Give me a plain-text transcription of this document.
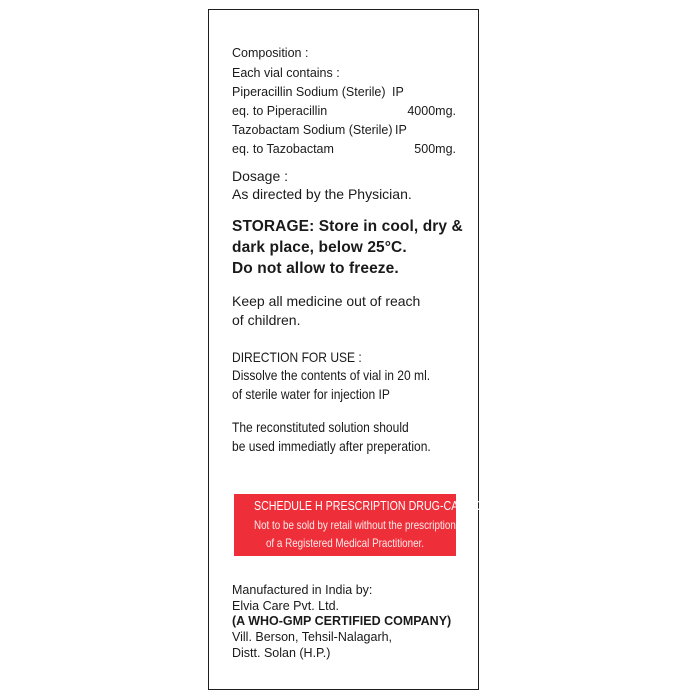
Composition :
Each vial contains :
Piperacillin Sodium (Sterile) IP
eq. to Piperacillin	4000mg.
Tazobactam Sodium (Sterile) IP
eq. to Tazobactam	500mg.
Dosage :
As directed by the Physician.
STORAGE: Store in cool, dry &
dark place, below 25°C.
Do not allow to freeze.
Keep all medicine out of reach
of children.
DIRECTION FOR USE :
Dissolve the contents of vial in 20 ml.
of sterile water for injection IP
The reconstituted solution should
be used immediatly after preperation.
SCHEDULE H PRESCRIPTION DRUG-CAUTION
Not to be sold by retail without the prescription
of a Registered Medical Practitioner.
Manufactured in India by:
Elvia Care Pvt. Ltd.
(A WHO-GMP CERTIFIED COMPANY)
Vill. Berson, Tehsil-Nalagarh,
Distt. Solan (H.P.)
